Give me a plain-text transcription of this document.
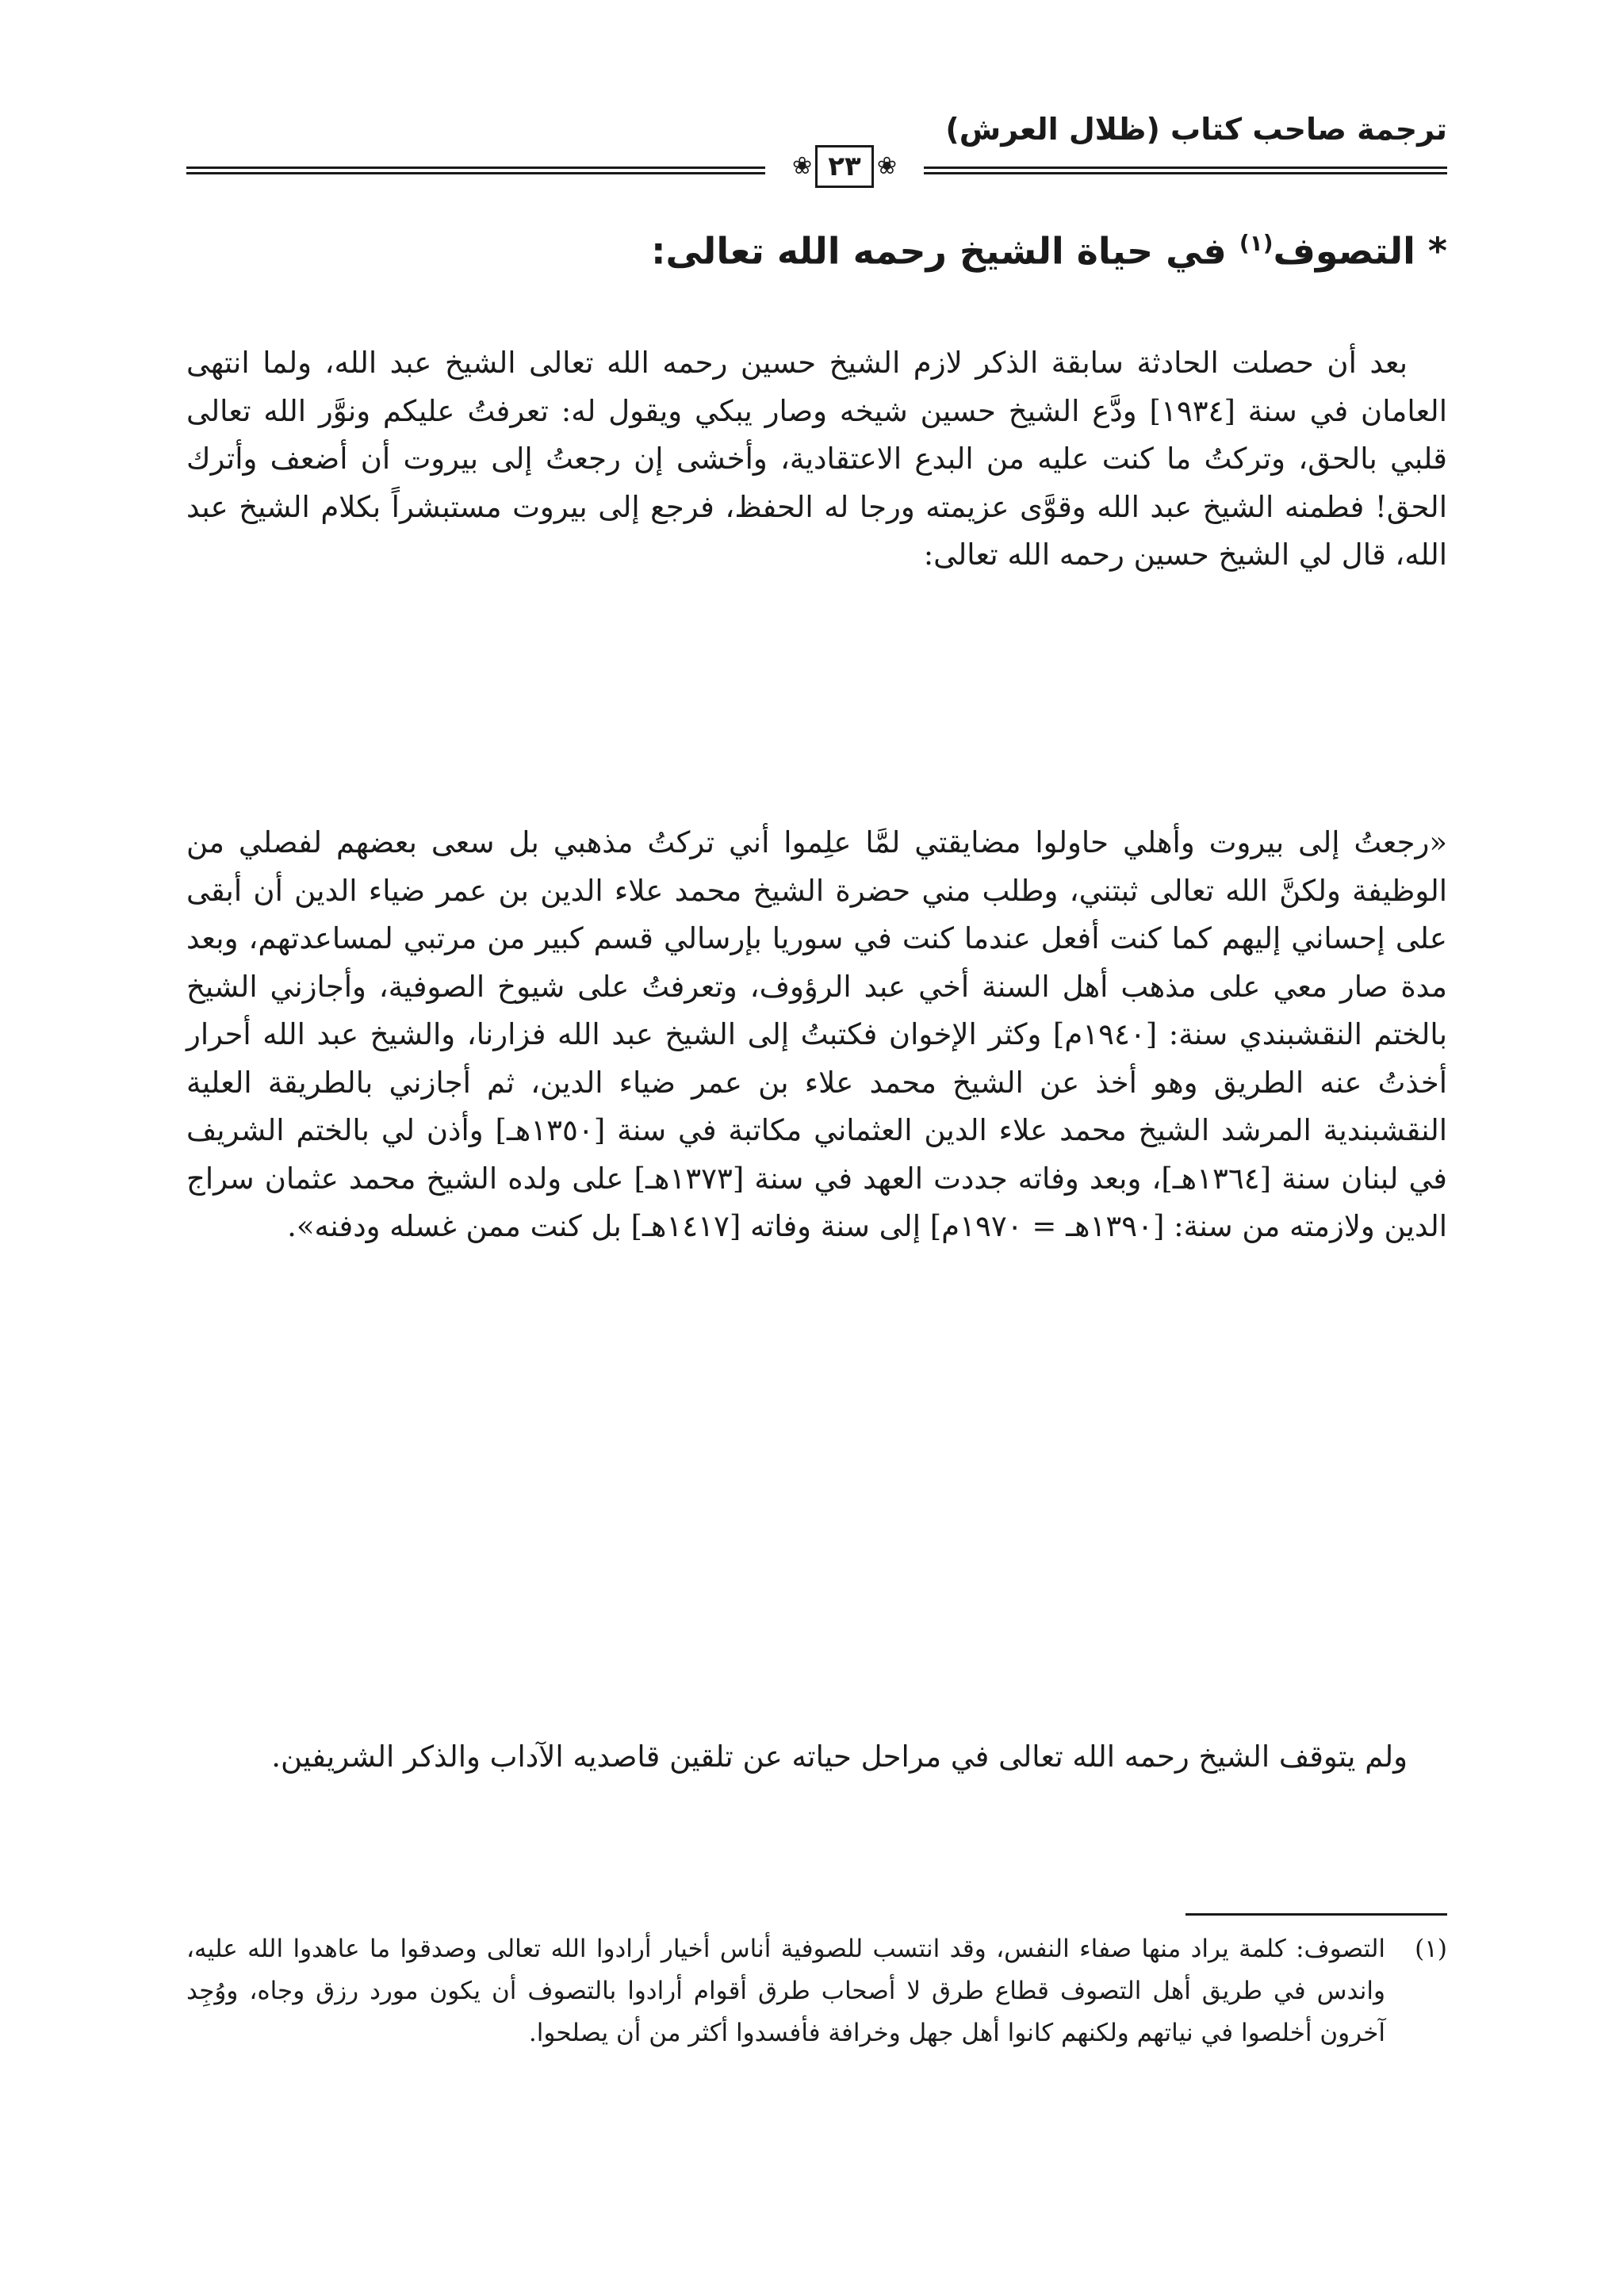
ترجمة صاحب كتاب (ظلال العرش)
❀
٢٣
❀
* التصوف$^{(١)}$ في حياة الشيخ رحمه الله تعالى:

بعد أن حصلت الحادثة سابقة الذكر لازم الشيخ حسين رحمه الله تعالى الشيخ عبد الله، ولما انتهى العامان في سنة [١٩٣٤] ودَّع الشيخ حسين شيخه وصار يبكي ويقول له: تعرفتُ عليكم ونوَّر الله تعالى قلبي بالحق، وتركتُ ما كنت عليه من البدع الاعتقادية، وأخشى إن رجعتُ إلى بيروت أن أضعف وأترك الحق! فطمنه الشيخ عبد الله وقوَّى عزيمته ورجا له الحفظ، فرجع إلى بيروت مستبشراً بكلام الشيخ عبد الله، قال لي الشيخ حسين رحمه الله تعالى:

«رجعتُ إلى بيروت وأهلي حاولوا مضايقتي لمَّا علِموا أني تركتُ مذهبي بل سعى بعضهم لفصلي من الوظيفة ولكنَّ الله تعالى ثبتني، وطلب مني حضرة الشيخ محمد علاء الدين بن عمر ضياء الدين أن أبقى على إحساني إليهم كما كنت أفعل عندما كنت في سوريا بإرسالي قسم كبير من مرتبي لمساعدتهم، وبعد مدة صار معي على مذهب أهل السنة أخي عبد الرؤوف، وتعرفتُ على شيوخ الصوفية، وأجازني الشيخ بالختم النقشبندي سنة: [١٩٤٠م] وكثر الإخوان فكتبتُ إلى الشيخ عبد الله فزارنا، والشيخ عبد الله أحرار أخذتُ عنه الطريق وهو أخذ عن الشيخ محمد علاء بن عمر ضياء الدين، ثم أجازني بالطريقة العلية النقشبندية المرشد الشيخ محمد علاء الدين العثماني مكاتبة في سنة [١٣٥٠هـ] وأذن لي بالختم الشريف في لبنان سنة [١٣٦٤هـ]، وبعد وفاته جددت العهد في سنة [١٣٧٣هـ] على ولده الشيخ محمد عثمان سراج الدين ولازمته من سنة: [١٣٩٠هـ = ١٩٧٠م] إلى سنة وفاته [١٤١٧هـ] بل كنت ممن غسله ودفنه».

ولم يتوقف الشيخ رحمه الله تعالى في مراحل حياته عن تلقين قاصديه الآداب والذكر الشريفين.

(١)
التصوف: كلمة يراد منها صفاء النفس، وقد انتسب للصوفية أناس أخيار أرادوا الله تعالى وصدقوا ما عاهدوا الله عليه، واندس في طريق أهل التصوف قطاع طرق لا أصحاب طرق أقوام أرادوا بالتصوف أن يكون مورد رزق وجاه، ووُجِد آخرون أخلصوا في نياتهم ولكنهم كانوا أهل جهل وخرافة فأفسدوا أكثر من أن يصلحوا.
